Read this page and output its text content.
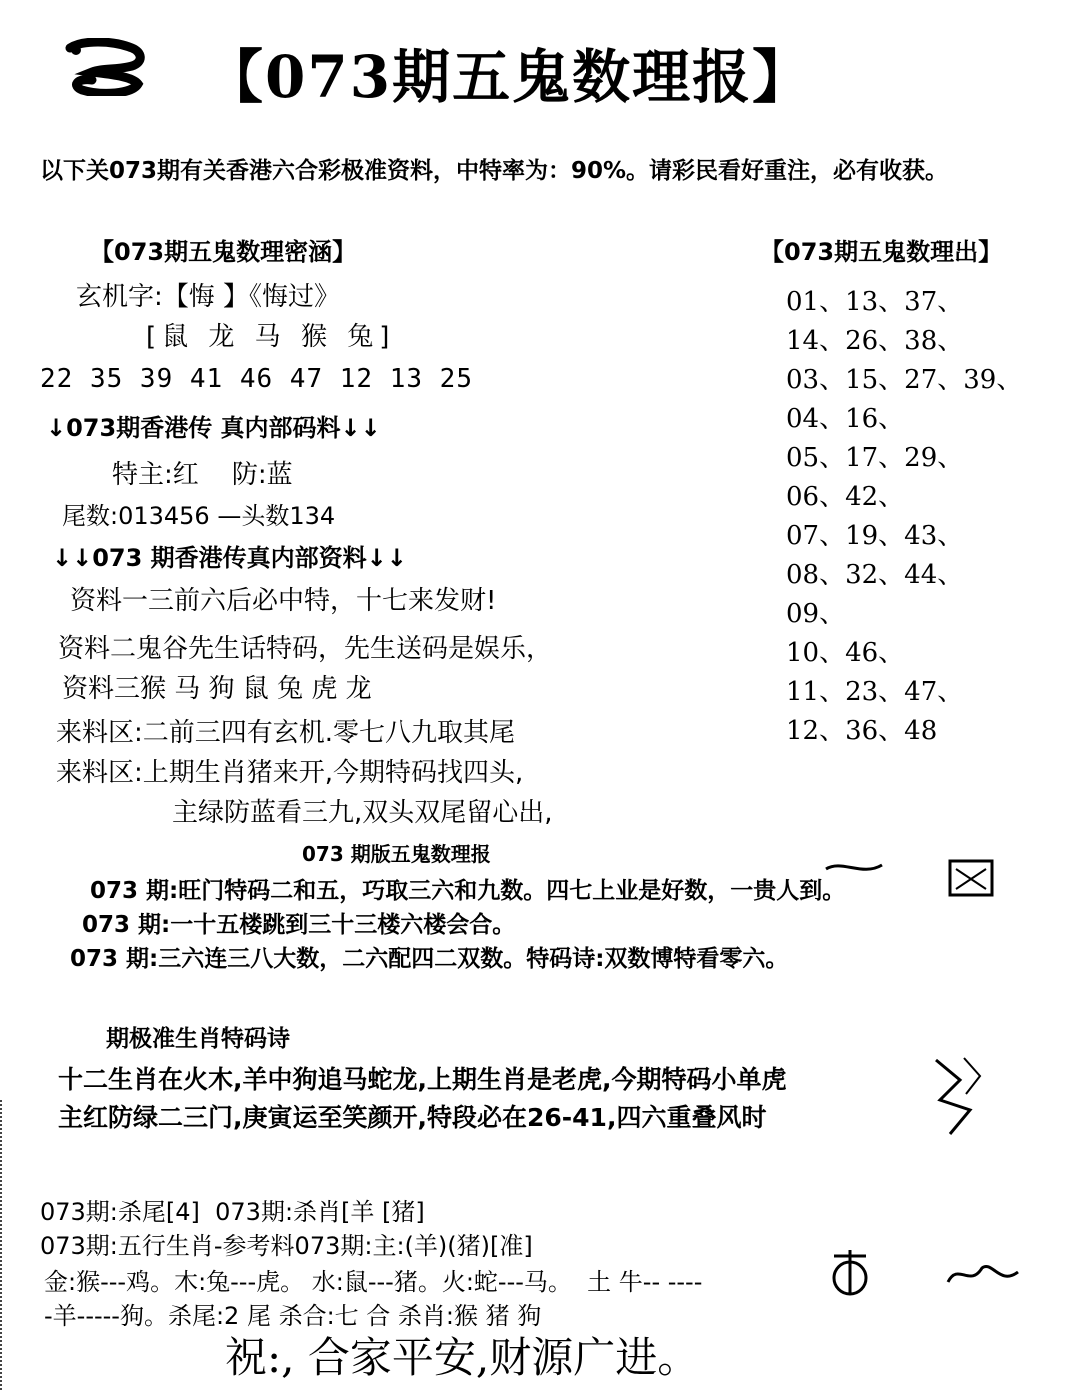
【073期五鬼数理报】
以下关073期有关香港六合彩极准资料，中特率为：90%。请彩民看好重注，必有收获。
【073期五鬼数理密涵】	【073期五鬼数理出】
玄机字:【悔 】《悔过》
[鼠 龙 马 猴 兔]
22 35 39 41 46 47 12 13 25
↓073期香港传 真内部码料↓↓
特主:红    防:蓝
尾数:013456 —头数134
↓↓073 期香港传真内部资料↓↓
资料一三前六后必中特，十七来发财!
资料二鬼谷先生话特码，先生送码是娱乐，
资料三猴 马 狗 鼠 兔 虎 龙
来料区:二前三四有玄机.零七八九取其尾
来料区:上期生肖猪来开,今期特码找四头,
主绿防蓝看三九,双头双尾留心出,
01、13、37、
14、26、38、
03、15、27、39、
04、16、
05、17、29、
06、42、
07、19、43、
08、32、44、
09、
10、46、
11、23、47、
12、36、48
073 期版五鬼数理报
073 期:旺门特码二和五，巧取三六和九数。四七上业是好数，一贵人到。
073 期:一十五楼跳到三十三楼六楼会合。
073 期:三六连三八大数，二六配四二双数。特码诗:双数博特看零六。
期极准生肖特码诗
十二生肖在火木,羊中狗追马蛇龙,上期生肖是老虎,今期特码小单虎
主红防绿二三门,庚寅运至笑颜开,特段必在26-41,四六重叠风时
073期:杀尾[4]  073期:杀肖[羊 [猪]
073期:五行生肖-参考料073期:主:(羊)(猪)[准]
金:猴---鸡。木:兔---虎。 水:鼠---猪。火:蛇---马。  土 牛-- ----
-羊-----狗。杀尾:2 尾 杀合:七 合 杀肖:猴 猪 狗
祝:, 合家平安,财源广进。
